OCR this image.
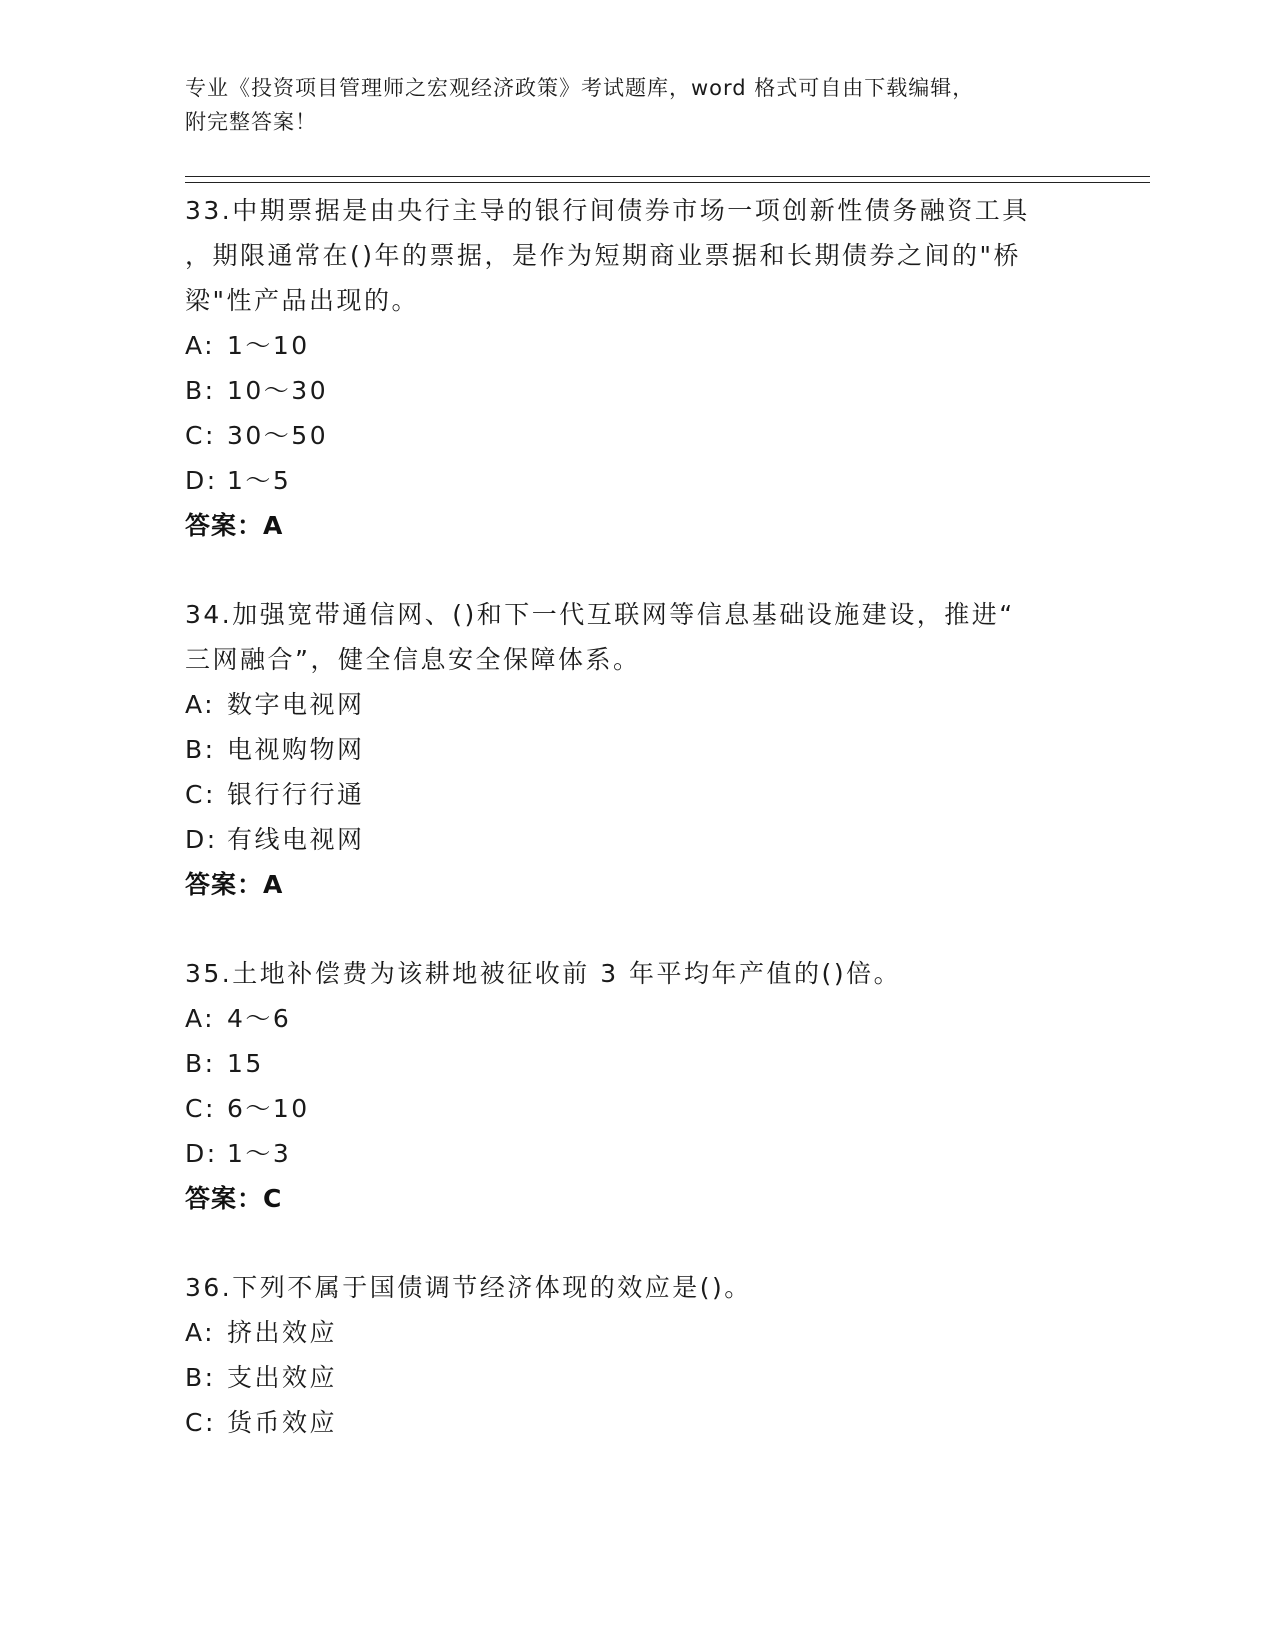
专业《投资项目管理师之宏观经济政策》考试题库，word 格式可自由下载编辑，
附完整答案！

33.中期票据是由央行主导的银行间债券市场一项创新性债务融资工具

，期限通常在()年的票据，是作为短期商业票据和长期债券之间的"桥

梁"性产品出现的。

A: 1～10
B: 10～30
C: 30～50
D: 1～5

答案：A

34.加强宽带通信网、()和下一代互联网等信息基础设施建设，推进“

三网融合”，健全信息安全保障体系。

A: 数字电视网
B: 电视购物网
C: 银行行行通
D: 有线电视网

答案：A

35.土地补偿费为该耕地被征收前 3 年平均年产值的()倍。

A: 4～6
B: 15
C: 6～10
D: 1～3

答案：C

36.下列不属于国债调节经济体现的效应是()。

A: 挤出效应
B: 支出效应
C: 货币效应
